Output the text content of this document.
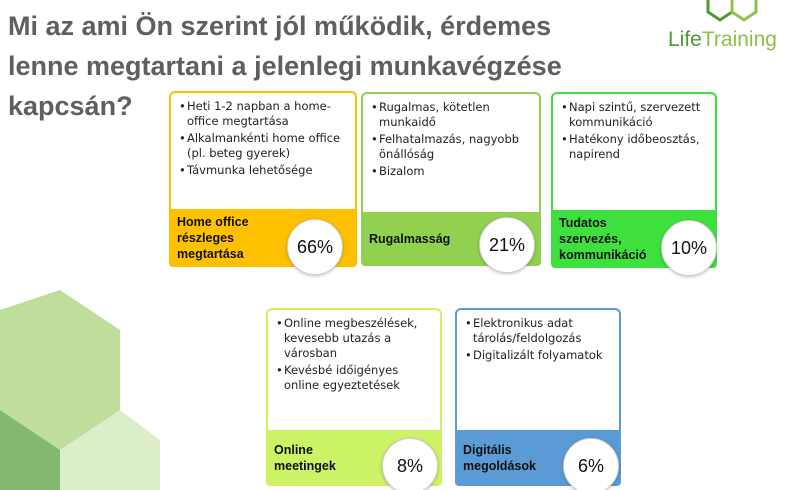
Mi az ami Ön szerint jól működik, érdemes
lenne megtartani a jelenlegi munkavégzése
kapcsán?
LifeTraining
• Heti 1-2 napban a home-office megtartása
• Alkalmankénti home office (pl. beteg gyerek)
• Távmunka lehetősége
Home office részleges megtartása	66%
• Rugalmas, kötetlen munkaidő
• Felhatalmazás, nagyobb önállóság
• Bizalom
Rugalmasság	21%
• Napi szintű, szervezett kommunikáció
• Hatékony időbeosztás, napirend
Tudatos szervezés, kommunikáció	10%
• Online megbeszélések, kevesebb utazás a városban
• Kevésbé időigényes online egyeztetések
Online meetingek	8%
• Elektronikus adat tárolás/feldolgozás
• Digitalizált folyamatok
Digitális megoldások	6%
